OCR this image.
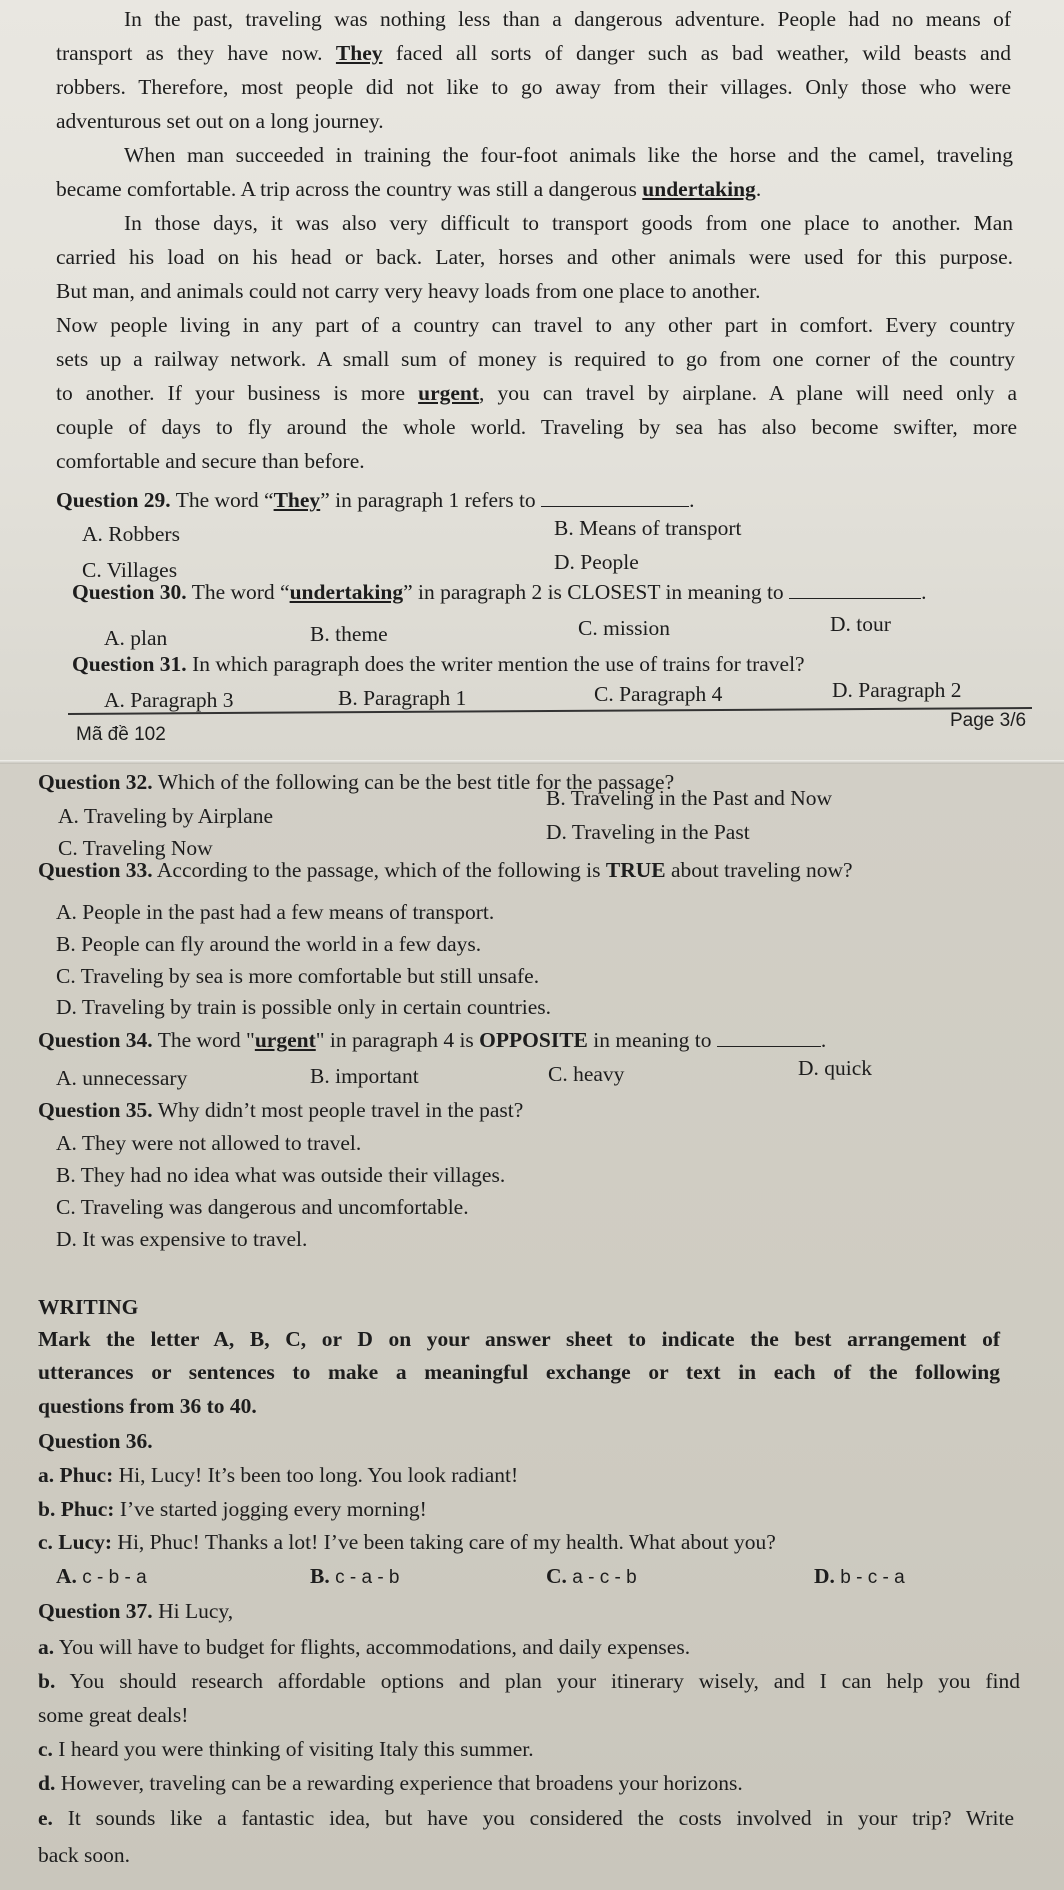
In the past, traveling was nothing less than a dangerous adventure. People had no means of
transport as they have now. They faced all sorts of danger such as bad weather, wild beasts and
robbers. Therefore, most people did not like to go away from their villages. Only those who were
adventurous set out on a long journey.
When man succeeded in training the four-foot animals like the horse and the camel, traveling
became comfortable. A trip across the country was still a dangerous undertaking.
In those days, it was also very difficult to transport goods from one place to another. Man
carried his load on his head or back. Later, horses and other animals were used for this purpose.
But man, and animals could not carry very heavy loads from one place to another.
Now people living in any part of a country can travel to any other part in comfort. Every country
sets up a railway network. A small sum of money is required to go from one corner of the country
to another. If your business is more urgent, you can travel by airplane. A plane will need only a
couple of days to fly around the whole world. Traveling by sea has also become swifter, more
comfortable and secure than before.
Question 29. The word “They” in paragraph 1 refers to	.
A. Robbers	B. Means of transport
C. Villages	D. People
Question 30. The word “undertaking” in paragraph 2 is CLOSEST in meaning to	.
A. plan	B. theme	C. mission	D. tour
Question 31. In which paragraph does the writer mention the use of trains for travel?
A. Paragraph 3	B. Paragraph 1	C. Paragraph 4	D. Paragraph 2
Mã đề 102
Page 3/6
Question 32. Which of the following can be the best title for the passage?
A. Traveling by Airplane
B. Traveling in the Past and Now
C. Traveling Now
D. Traveling in the Past
Question 33. According to the passage, which of the following is TRUE about traveling now?
A. People in the past had a few means of transport.
B. People can fly around the world in a few days.
C. Traveling by sea is more comfortable but still unsafe.
D. Traveling by train is possible only in certain countries.
Question 34. The word "urgent" in paragraph 4 is OPPOSITE in meaning to	.
A. unnecessary	B. important	C. heavy	D. quick
Question 35. Why didn’t most people travel in the past?
A. They were not allowed to travel.
B. They had no idea what was outside their villages.
C. Traveling was dangerous and uncomfortable.
D. It was expensive to travel.
WRITING
Mark the letter A, B, C, or D on your answer sheet to indicate the best arrangement of
utterances or sentences to make a meaningful exchange or text in each of the following
questions from 36 to 40.
Question 36.
a. Phuc: Hi, Lucy! It’s been too long. You look radiant!
b. Phuc: I’ve started jogging every morning!
c. Lucy: Hi, Phuc! Thanks a lot! I’ve been taking care of my health. What about you?
A. c - b - a	B. c - a - b	C. a - c - b	D. b - c - a
Question 37. Hi Lucy,
a. You will have to budget for flights, accommodations, and daily expenses.
b. You should research affordable options and plan your itinerary wisely, and I can help you find
some great deals!
c. I heard you were thinking of visiting Italy this summer.
d. However, traveling can be a rewarding experience that broadens your horizons.
e. It sounds like a fantastic idea, but have you considered the costs involved in your trip? Write
back soon.
